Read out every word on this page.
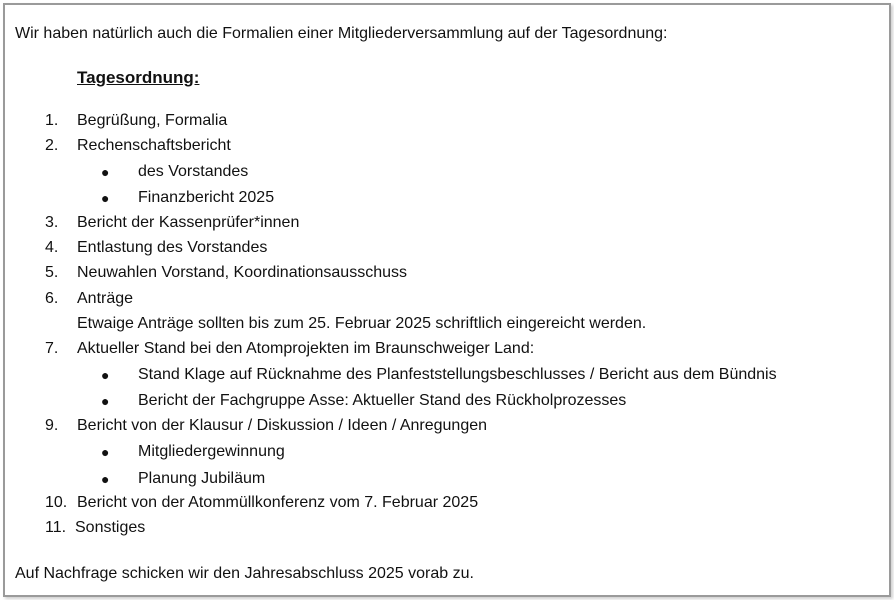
Wir haben natürlich auch die Formalien einer Mitgliederversammlung auf der Tagesordnung:
Tagesordnung:
1. Begrüßung, Formalia
2. Rechenschaftsbericht
● des Vorstandes
● Finanzbericht 2025
3. Bericht der Kassenprüfer*innen
4. Entlastung des Vorstandes
5. Neuwahlen Vorstand, Koordinationsausschuss
6. Anträge
Etwaige Anträge sollten bis zum 25. Februar 2025 schriftlich eingereicht werden.
7. Aktueller Stand bei den Atomprojekten im Braunschweiger Land:
● Stand Klage auf Rücknahme des Planfeststellungsbeschlusses / Bericht aus dem Bündnis
● Bericht der Fachgruppe Asse: Aktueller Stand des Rückholprozesses
9. Bericht von der Klausur / Diskussion / Ideen / Anregungen
● Mitgliedergewinnung
● Planung Jubiläum
10. Bericht von der Atommüllkonferenz vom 7. Februar 2025
11. Sonstiges
Auf Nachfrage schicken wir den Jahresabschluss 2025 vorab zu.
